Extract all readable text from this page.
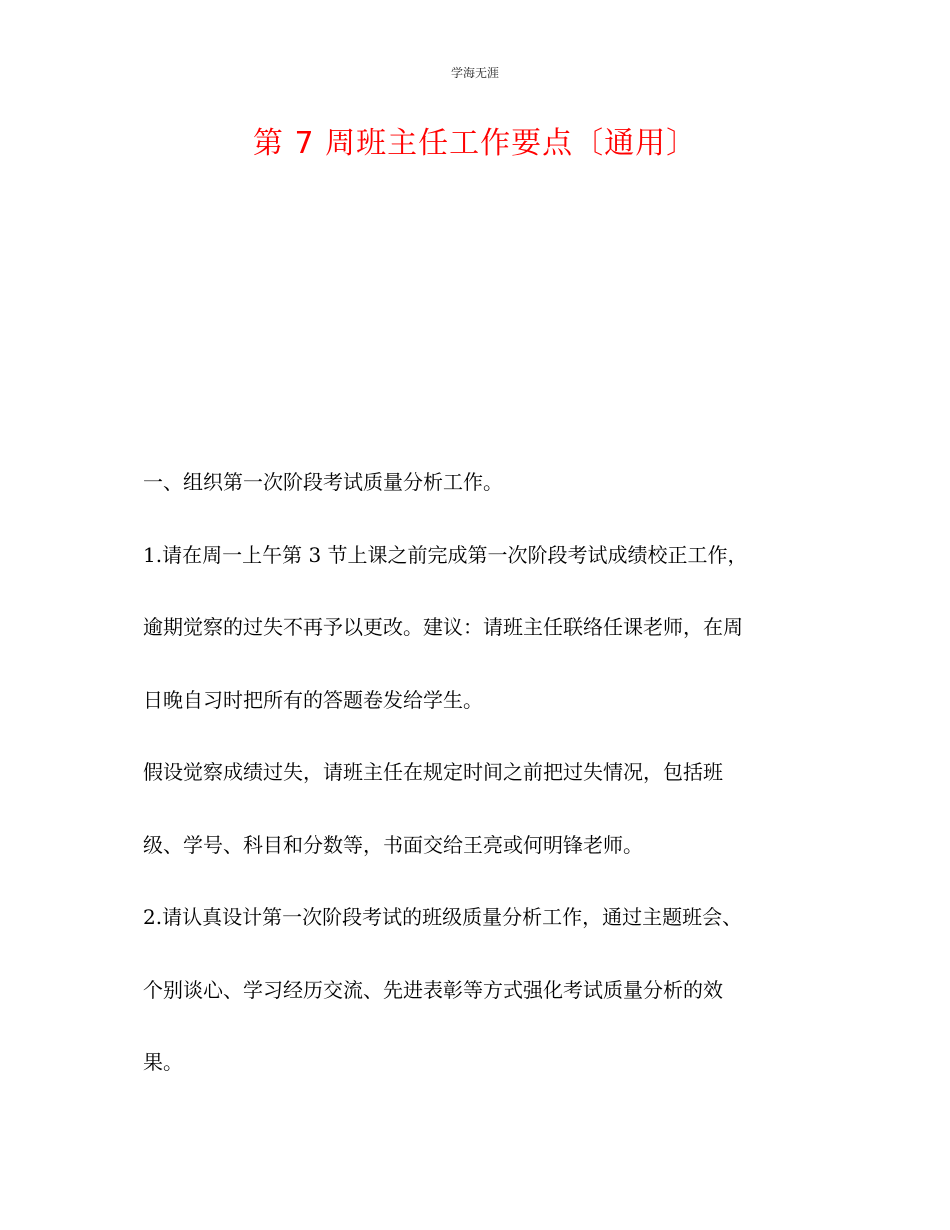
学海无涯
第 7 周班主任工作要点〔通用〕
一、组织第一次阶段考试质量分析工作。
1.请在周一上午第 3 节上课之前完成第一次阶段考试成绩校正工作，
逾期觉察的过失不再予以更改。建议：请班主任联络任课老师，在周
日晚自习时把所有的答题卷发给学生。
假设觉察成绩过失，请班主任在规定时间之前把过失情况，包括班
级、学号、科目和分数等，书面交给王亮或何明锋老师。
2.请认真设计第一次阶段考试的班级质量分析工作，通过主题班会、
个别谈心、学习经历交流、先进表彰等方式强化考试质量分析的效
果。
